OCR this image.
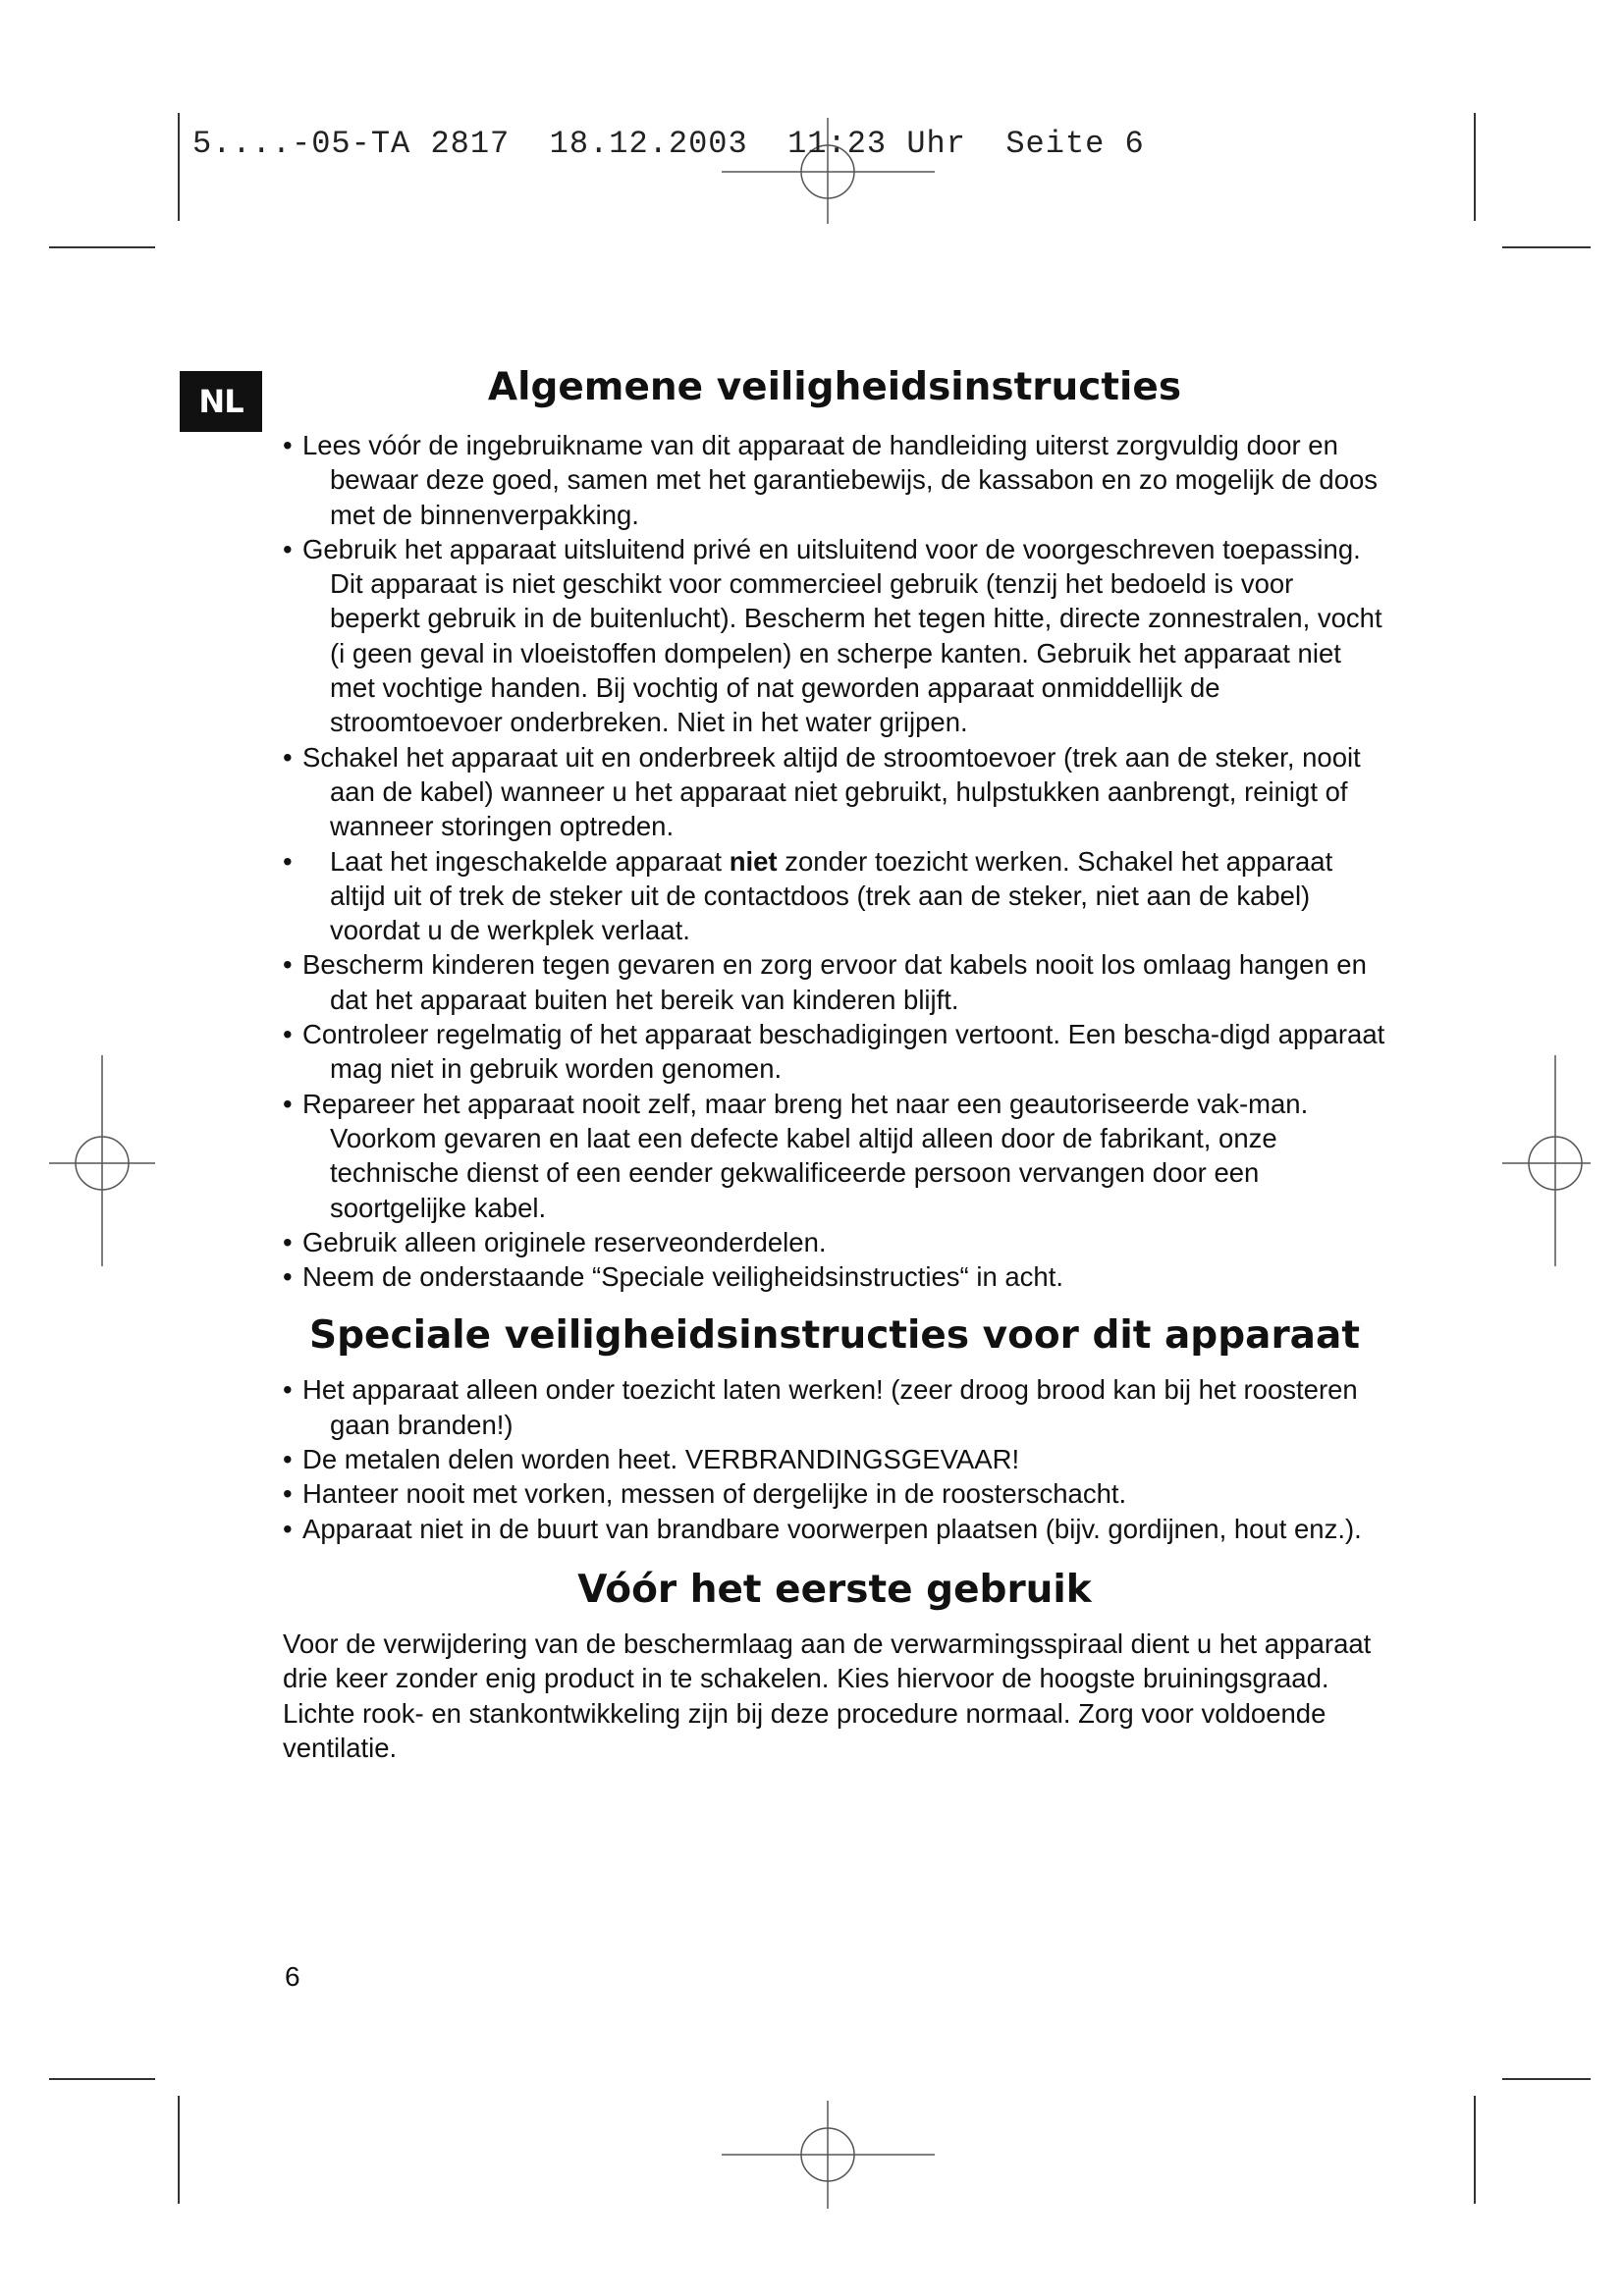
5....-05-TA 2817  18.12.2003  11:23 Uhr  Seite 6
NL	Algemene veiligheidsinstructies
• Lees vóór de ingebruikname van dit apparaat de handleiding uiterst zorgvuldig door en bewaar deze goed, samen met het garantiebewijs, de kassabon en zo mogelijk de doos met de binnenverpakking.
• Gebruik het apparaat uitsluitend privé en uitsluitend voor de voorgeschreven toepassing. Dit apparaat is niet geschikt voor commercieel gebruik (tenzij het bedoeld is voor beperkt gebruik in de buitenlucht). Bescherm het tegen hitte, directe zonnestralen, vocht (i geen geval in vloeistoffen dompelen) en scherpe kanten. Gebruik het apparaat niet met vochtige handen. Bij vochtig of nat geworden apparaat onmiddellijk de stroomtoevoer onderbreken. Niet in het water grijpen.
• Schakel het apparaat uit en onderbreek altijd de stroomtoevoer (trek aan de steker, nooit aan de kabel) wanneer u het apparaat niet gebruikt, hulpstukken aanbrengt, reinigt of wanneer storingen optreden.
• Laat het ingeschakelde apparaat niet zonder toezicht werken. Schakel het apparaat altijd uit of trek de steker uit de contactdoos (trek aan de steker, niet aan de kabel) voordat u de werkplek verlaat.
• Bescherm kinderen tegen gevaren en zorg ervoor dat kabels nooit los omlaag hangen en dat het apparaat buiten het bereik van kinderen blijft.
• Controleer regelmatig of het apparaat beschadigingen vertoont. Een bescha-digd apparaat mag niet in gebruik worden genomen.
• Repareer het apparaat nooit zelf, maar breng het naar een geautoriseerde vak-man. Voorkom gevaren en laat een defecte kabel altijd alleen door de fabrikant, onze technische dienst of een eender gekwalificeerde persoon vervangen door een soortgelijke kabel.
• Gebruik alleen originele reserveonderdelen.
• Neem de onderstaande “Speciale veiligheidsinstructies“ in acht.
Speciale veiligheidsinstructies voor dit apparaat
• Het apparaat alleen onder toezicht laten werken! (zeer droog brood kan bij het roosteren gaan branden!)
• De metalen delen worden heet. VERBRANDINGSGEVAAR!
• Hanteer nooit met vorken, messen of dergelijke in de roosterschacht.
• Apparaat niet in de buurt van brandbare voorwerpen plaatsen (bijv. gordijnen, hout enz.).
Vóór het eerste gebruik

Voor de verwijdering van de beschermlaag aan de verwarmingsspiraal dient u het apparaat drie keer zonder enig product in te schakelen. Kies hiervoor de hoogste bruiningsgraad. Lichte rook- en stankontwikkeling zijn bij deze procedure normaal. Zorg voor voldoende ventilatie.

6
